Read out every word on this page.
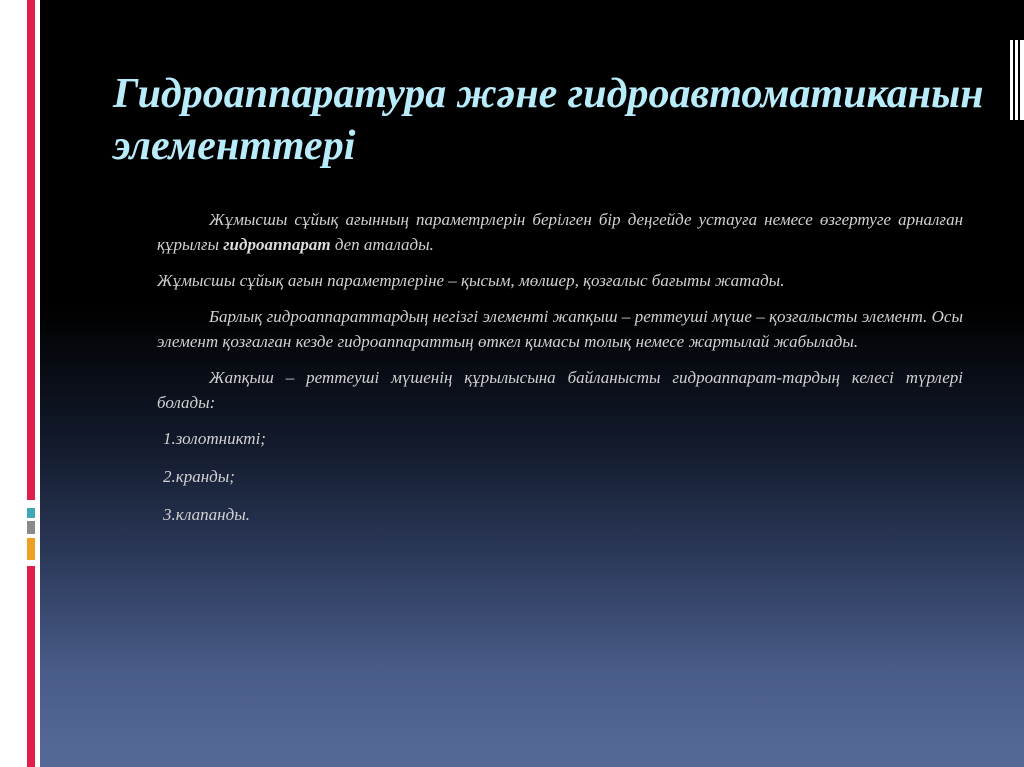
Гидроаппаратура және гидроавтоматиканын элементтері

Жұмысшы сұйық ағынның параметрлерін берілген бір деңгейде устауға немесе өзгертуге арналған құрылғы гидроаппарат деп аталады.

Жұмысшы сұйық ағын параметрлеріне – қысым, мөлшер, қозғалыс бағыты жатады.

Барлық гидроаппараттардың негізгі элементі жапқыш – реттеуші мүше – қозғалысты элемент. Осы элемент қозғалған кезде гидроаппараттың өткел қимасы толық немесе жартылай жабылады.

Жапқыш – реттеуші мүшенің құрылысына байланысты гидроаппарат-тардың келесі түрлері болады:

1.золотникті;

2.кранды;

3.клапанды.
